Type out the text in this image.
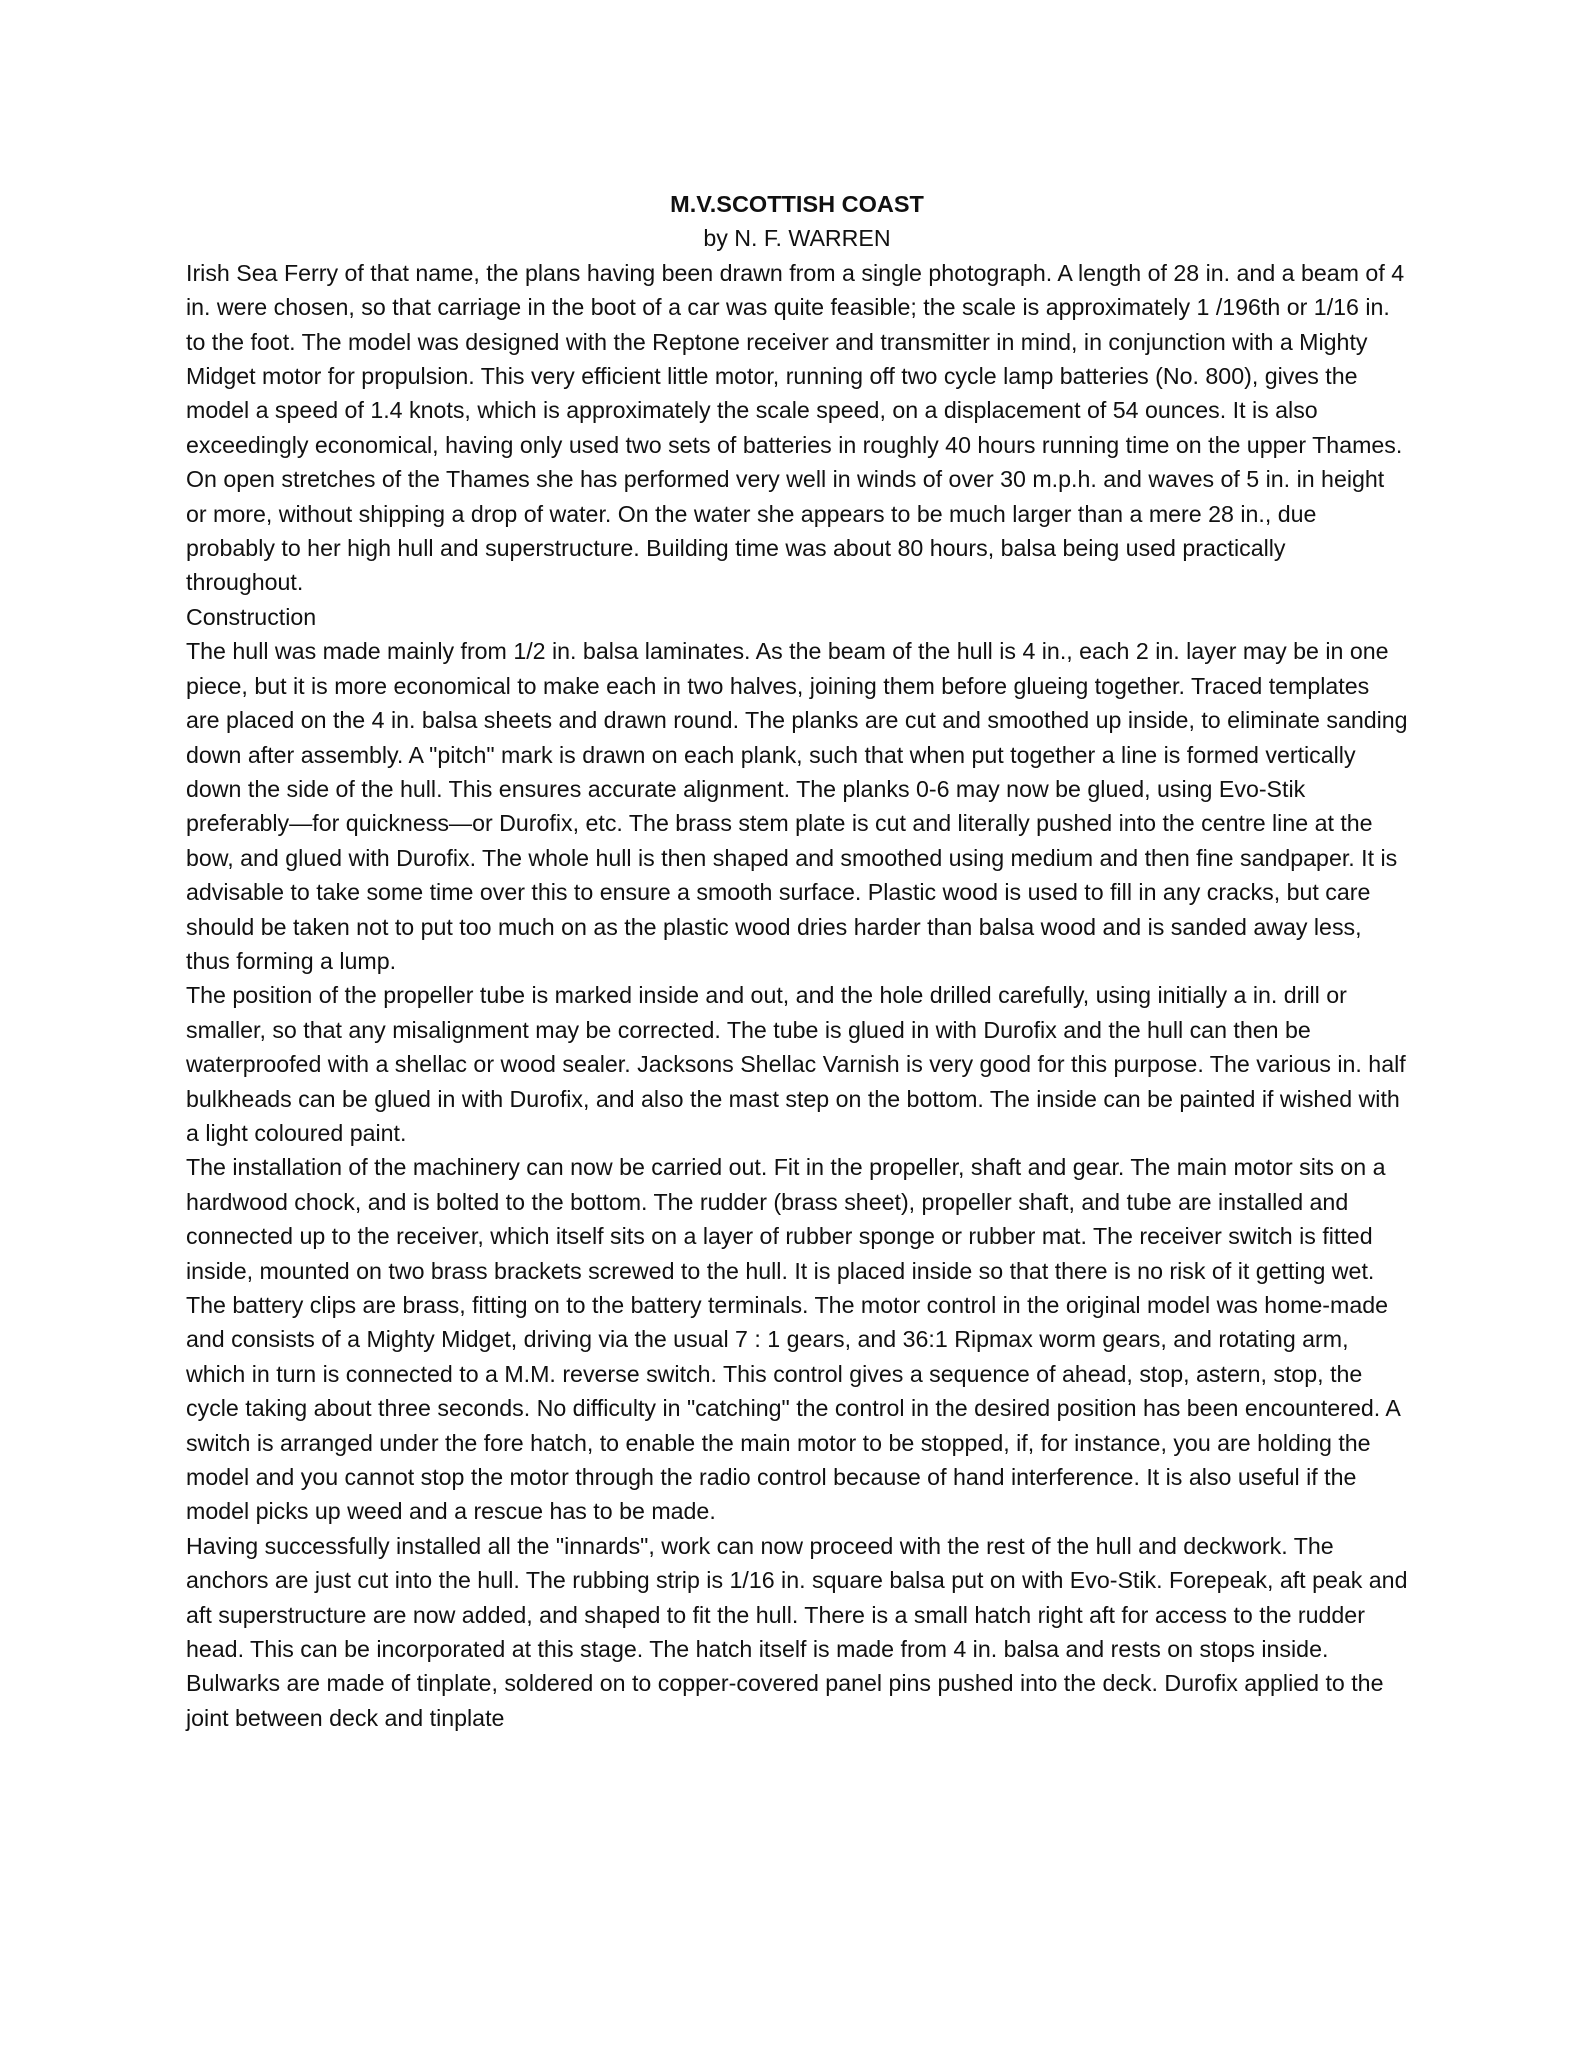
M.V.SCOTTISH COAST

by N. F. WARREN

Irish Sea Ferry of that name, the plans having been drawn from a single photograph. A length of 28 in. and a beam of 4 in. were chosen, so that carriage in the boot of a car was quite feasible; the scale is approximately 1 /196th or 1/16 in. to the foot. The model was designed with the Reptone receiver and transmitter in mind, in conjunction with a Mighty Midget motor for propulsion. This very efficient little motor, running off two cycle lamp batteries (No. 800), gives the model a speed of 1.4 knots, which is approximately the scale speed, on a displacement of 54 ounces. It is also exceedingly economical, having only used two sets of batteries in roughly 40 hours running time on the upper Thames. On open stretches of the Thames she has performed very well in winds of over 30 m.p.h. and waves of 5 in. in height or more, without shipping a drop of water. On the water she appears to be much larger than a mere 28 in., due probably to her high hull and superstructure. Building time was about 80 hours, balsa being used practically throughout.

Construction

The hull was made mainly from 1/2 in. balsa laminates. As the beam of the hull is 4 in., each 2 in. layer may be in one piece, but it is more economical to make each in two halves, joining them before glueing together. Traced templates are placed on the 4 in. balsa sheets and drawn round. The planks are cut and smoothed up inside, to eliminate sanding down after assembly. A "pitch" mark is drawn on each plank, such that when put together a line is formed vertically down the side of the hull. This ensures accurate alignment. The planks 0-6 may now be glued, using Evo-Stik preferably—for quickness—or Durofix, etc. The brass stem plate is cut and literally pushed into the centre line at the bow, and glued with Durofix. The whole hull is then shaped and smoothed using medium and then fine sandpaper. It is advisable to take some time over this to ensure a smooth surface. Plastic wood is used to fill in any cracks, but care should be taken not to put too much on as the plastic wood dries harder than balsa wood and is sanded away less, thus forming a lump.

The position of the propeller tube is marked inside and out, and the hole drilled carefully, using initially a in. drill or smaller, so that any misalignment may be corrected. The tube is glued in with Durofix and the hull can then be waterproofed with a shellac or wood sealer. Jacksons Shellac Varnish is very good for this purpose. The various in. half bulkheads can be glued in with Durofix, and also the mast step on the bottom. The inside can be painted if wished with a light coloured paint.

The installation of the machinery can now be carried out. Fit in the propeller, shaft and gear. The main motor sits on a hardwood chock, and is bolted to the bottom. The rudder (brass sheet), propeller shaft, and tube are installed and connected up to the receiver, which itself sits on a layer of rubber sponge or rubber mat. The receiver switch is fitted inside, mounted on two brass brackets screwed to the hull. It is placed inside so that there is no risk of it getting wet. The battery clips are brass, fitting on to the battery terminals. The motor control in the original model was home-made and consists of a Mighty Midget, driving via the usual 7 : 1 gears, and 36:1 Ripmax worm gears, and rotating arm, which in turn is connected to a M.M. reverse switch. This control gives a sequence of ahead, stop, astern, stop, the cycle taking about three seconds. No difficulty in "catching" the control in the desired position has been encountered. A switch is arranged under the fore hatch, to enable the main motor to be stopped, if, for instance, you are holding the model and you cannot stop the motor through the radio control because of hand interference. It is also useful if the model picks up weed and a rescue has to be made.

Having successfully installed all the "innards", work can now proceed with the rest of the hull and deckwork. The anchors are just cut into the hull. The rubbing strip is 1/16 in. square balsa put on with Evo-Stik. Forepeak, aft peak and aft superstructure are now added, and shaped to fit the hull. There is a small hatch right aft for access to the rudder head. This can be incorporated at this stage. The hatch itself is made from 4 in. balsa and rests on stops inside. Bulwarks are made of tinplate, soldered on to copper-covered panel pins pushed into the deck. Durofix applied to the joint between deck and tinplate
